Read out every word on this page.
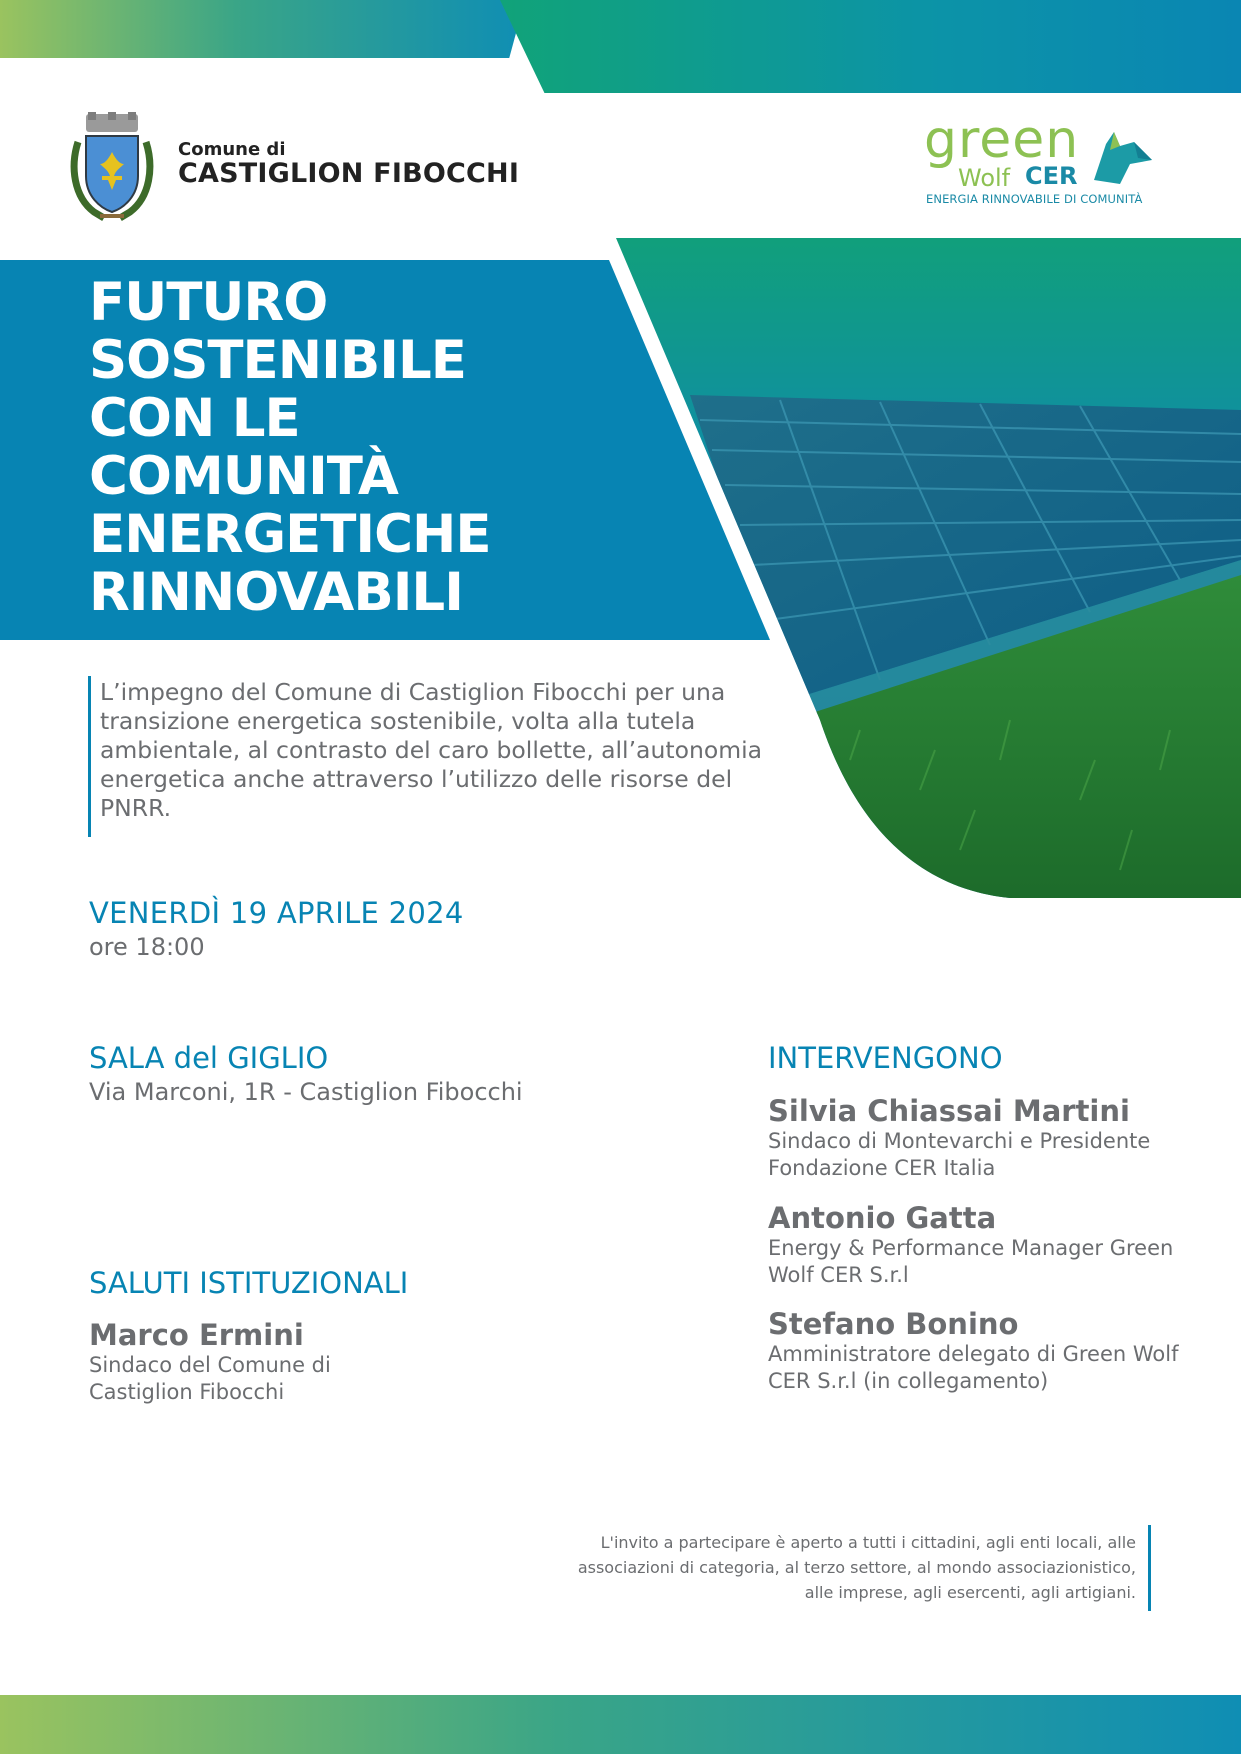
Comune di
CASTIGLION FIBOCCHI
green
Wolf CER
ENERGIA RINNOVABILE DI COMUNITÀ
FUTURO
SOSTENIBILE
CON LE
COMUNITÀ
ENERGETICHE
RINNOVABILI
L’impegno del Comune di Castiglion Fibocchi per una transizione energetica sostenibile, volta alla tutela ambientale, al contrasto del caro bollette, all’autonomia energetica anche attraverso l’utilizzo delle risorse del PNRR.
VENERDÌ 19 APRILE 2024
ore 18:00
SALA del GIGLIO
Via Marconi, 1R - Castiglion Fibocchi
SALUTI ISTITUZIONALI
Marco Ermini
Sindaco del Comune di Castiglion Fibocchi
INTERVENGONO
Silvia Chiassai Martini
Sindaco di Montevarchi e Presidente Fondazione CER Italia
Antonio Gatta
Energy & Performance Manager Green Wolf CER S.r.l
Stefano Bonino
Amministratore delegato di Green Wolf CER S.r.l (in collegamento)
L'invito a partecipare è aperto a tutti i cittadini, agli enti locali, alle associazioni di categoria, al terzo settore, al mondo associazionistico, alle imprese, agli esercenti, agli artigiani.
